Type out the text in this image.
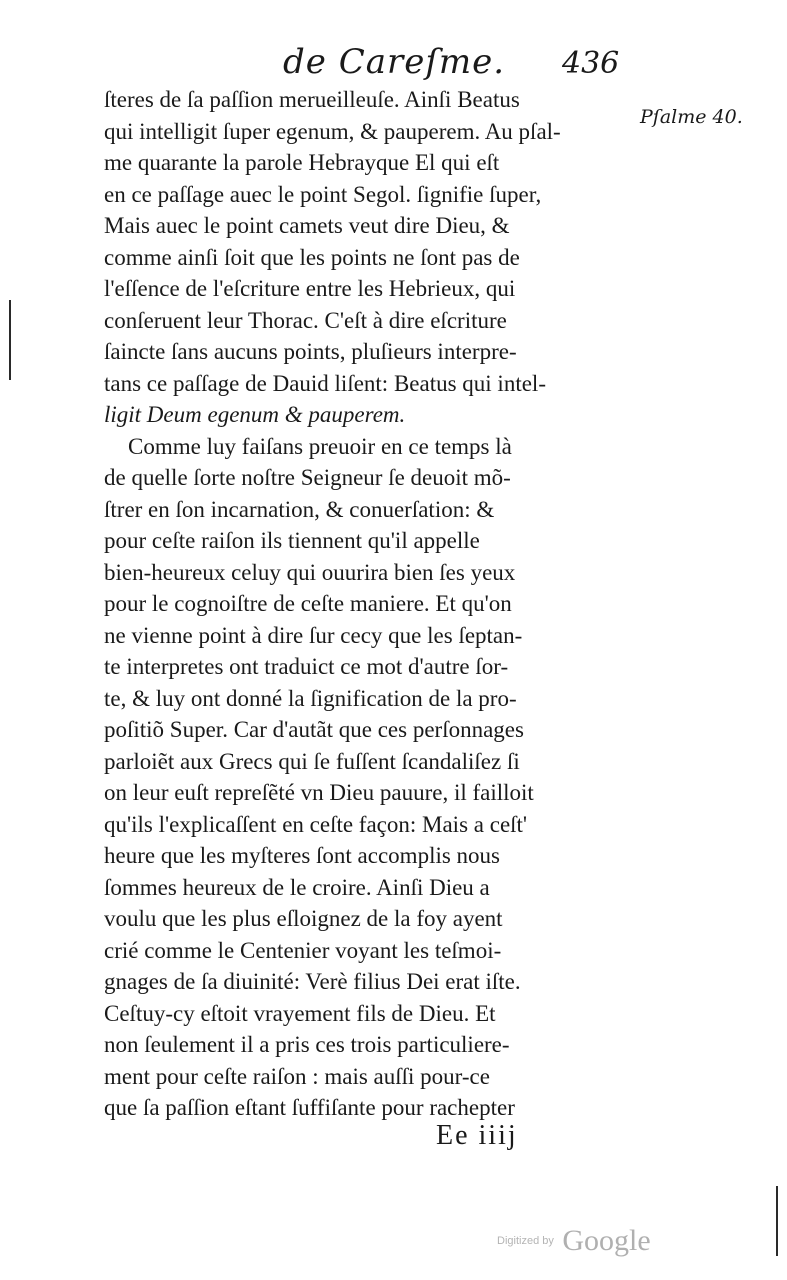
de Careſme. 436
Pſalme 40.
ſteres de ſa paſſion merueilleuſe. Ainſi Beatus
qui intelligit ſuper egenum, & pauperem. Au pſal-
me quarante la parole Hebrayque El qui eſt
en ce paſſage auec le point Segol. ſignifie ſuper,
Mais auec le point camets veut dire Dieu, &
comme ainſi ſoit que les points ne ſont pas de
l'eſſence de l'eſcriture entre les Hebrieux, qui
conſeruent leur Thorac. C'eſt à dire eſcriture
ſaincte ſans aucuns points, pluſieurs interpre-
tans ce paſſage de Dauid liſent: Beatus qui intel-
ligit Deum egenum & pauperem.
Comme luy faiſans preuoir en ce temps là
de quelle ſorte noſtre Seigneur ſe deuoit mõ-
ſtrer en ſon incarnation, & conuerſation: &
pour ceſte raiſon ils tiennent qu'il appelle
bien-heureux celuy qui ouurira bien ſes yeux
pour le cognoiſtre de ceſte maniere. Et qu'on
ne vienne point à dire ſur cecy que les ſeptan-
te interpretes ont traduict ce mot d'autre ſor-
te, & luy ont donné la ſignification de la pro-
poſitiõ Super. Car d'autãt que ces perſonnages
parloiẽt aux Grecs qui ſe fuſſent ſcandaliſez ſi
on leur euſt repreſẽté vn Dieu pauure, il failloit
qu'ils l'explicaſſent en ceſte façon: Mais a ceſt'
heure que les myſteres ſont accomplis nous
ſommes heureux de le croire. Ainſi Dieu a
voulu que les plus eſloignez de la foy ayent
crié comme le Centenier voyant les teſmoi-
gnages de ſa diuinité: Verè filius Dei erat iſte.
Ceſtuy-cy eſtoit vrayement fils de Dieu. Et
non ſeulement il a pris ces trois particuliere-
ment pour ceſte raiſon : mais auſſi pour-ce
que ſa paſſion eſtant ſuffiſante pour rachepter
Ee iiij
Digitized by Google
